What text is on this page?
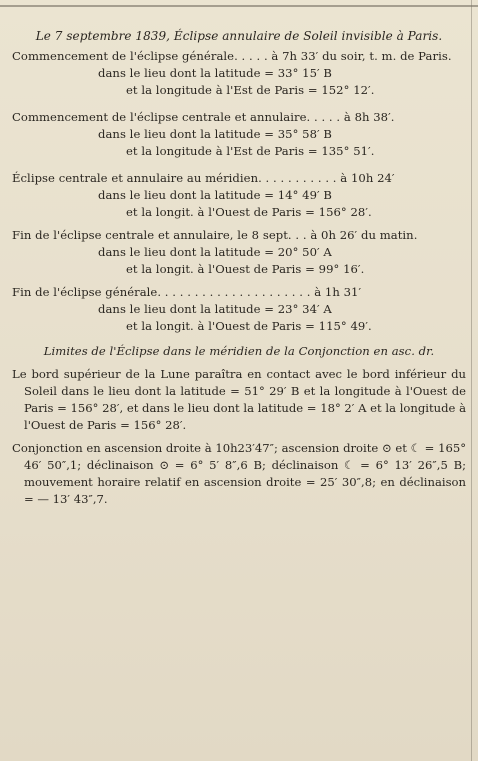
Le 7 septembre 1839, Éclipse annulaire de Soleil invisible à Paris.
Commencement de l'éclipse générale. . . . . à 7h 33′ du soir, t. m. de Paris.
dans le lieu dont la latitude = 33° 15′ B
et la longitude à l'Est de Paris = 152° 12′.
Commencement de l'éclipse centrale et annulaire. . . . . à 8h 38′.
dans le lieu dont la latitude = 35° 58′ B
et la longitude à l'Est de Paris = 135° 51′.
Éclipse centrale et annulaire au méridien. . . . . . . . . . . à 10h 24′
dans le lieu dont la latitude = 14° 49′ B
et la longit. à l'Ouest de Paris = 156° 28′.
Fin de l'éclipse centrale et annulaire, le 8 sept. . . à 0h 26′ du matin.
dans le lieu dont la latitude = 20° 50′ A
et la longit. à l'Ouest de Paris = 99° 16′.
Fin de l'éclipse générale. . . . . . . . . . . . . . . . . . . . . à 1h 31′
dans le lieu dont la latitude = 23° 34′ A
et la longit. à l'Ouest de Paris = 115° 49′.
Limites de l'Éclipse dans le méridien de la Conjonction en asc. dr.

Le bord supérieur de la Lune paraîtra en contact avec le bord inférieur du Soleil dans le lieu dont la latitude = 51° 29′ B et la longitude à l'Ouest de Paris = 156° 28′, et dans le lieu dont la latitude = 18° 2′ A et la longitude à l'Ouest de Paris = 156° 28′.

Conjonction en ascension droite à 10h23′47″; ascension droite ⊙ et ☾ = 165° 46′ 50″,1; déclinaison ⊙ = 6° 5′ 8″,6 B; déclinaison ☾ = 6° 13′ 26″,5 B; mouvement horaire relatif en ascension droite = 25′ 30″,8; en déclinaison = — 13′ 43″,7.
